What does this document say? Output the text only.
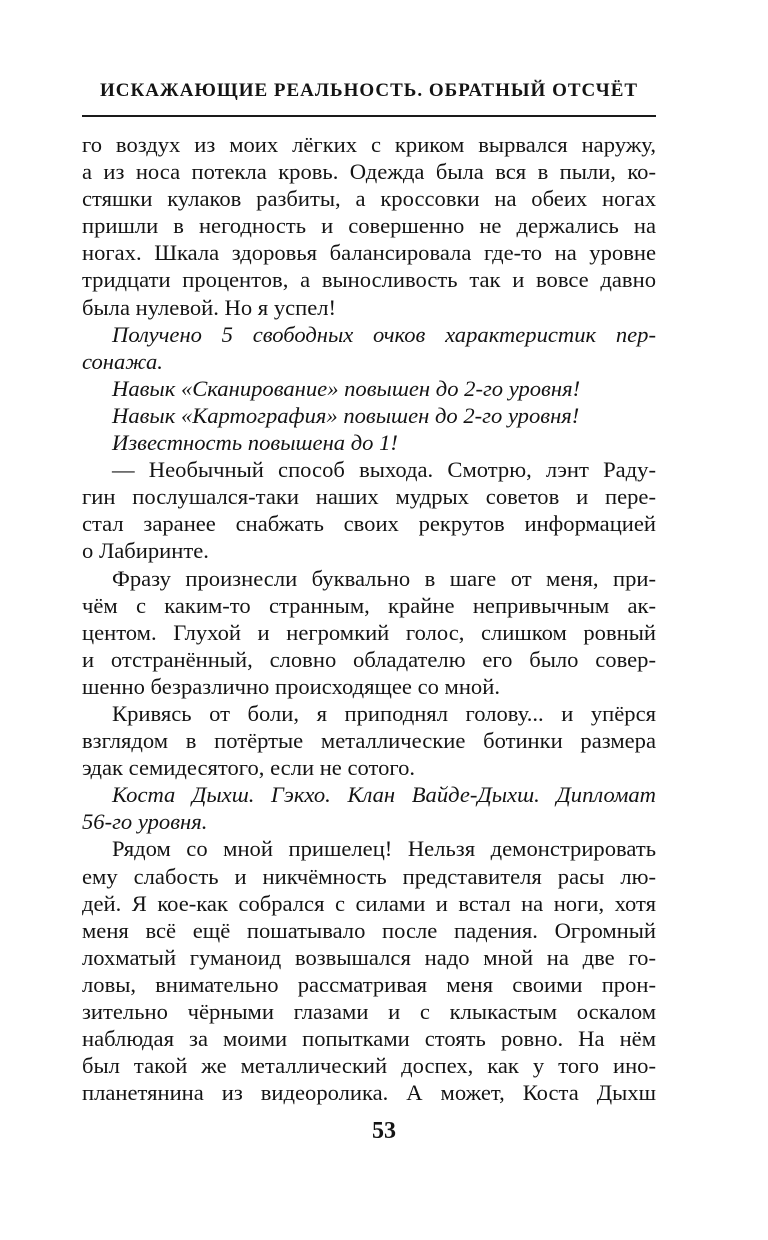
ИСКАЖАЮЩИЕ РЕАЛЬНОСТЬ. ОБРАТНЫЙ ОТСЧЁТ
го воздух из моих лёгких с криком вырвался наружу,
а из носа потекла кровь. Одежда была вся в пыли, ко-
стяшки кулаков разбиты, а кроссовки на обеих ногах
пришли в негодность и совершенно не держались на
ногах. Шкала здоровья балансировала где-то на уровне
тридцати процентов, а выносливость так и вовсе давно
была нулевой. Но я успел!
Получено 5 свободных очков характеристик пер-
сонажа.
Навык «Сканирование» повышен до 2-го уровня!
Навык «Картография» повышен до 2-го уровня!
Известность повышена до 1!
— Необычный способ выхода. Смотрю, лэнт Раду-
гин послушался-таки наших мудрых советов и пере-
стал заранее снабжать своих рекрутов информацией
о Лабиринте.
Фразу произнесли буквально в шаге от меня, при-
чём с каким-то странным, крайне непривычным ак-
центом. Глухой и негромкий голос, слишком ровный
и отстранённый, словно обладателю его было совер-
шенно безразлично происходящее со мной.
Кривясь от боли, я приподнял голову... и упёрся
взглядом в потёртые металлические ботинки размера
эдак семидесятого, если не сотого.
Коста Дыхш. Гэкхо. Клан Вайде-Дыхш. Дипломат
56-го уровня.
Рядом со мной пришелец! Нельзя демонстрировать
ему слабость и никчёмность представителя расы лю-
дей. Я кое-как собрался с силами и встал на ноги, хотя
меня всё ещё пошатывало после падения. Огромный
лохматый гуманоид возвышался надо мной на две го-
ловы, внимательно рассматривая меня своими прон-
зительно чёрными глазами и с клыкастым оскалом
наблюдая за моими попытками стоять ровно. На нём
был такой же металлический доспех, как у того ино-
планетянина из видеоролика. А может, Коста Дыхш
53
